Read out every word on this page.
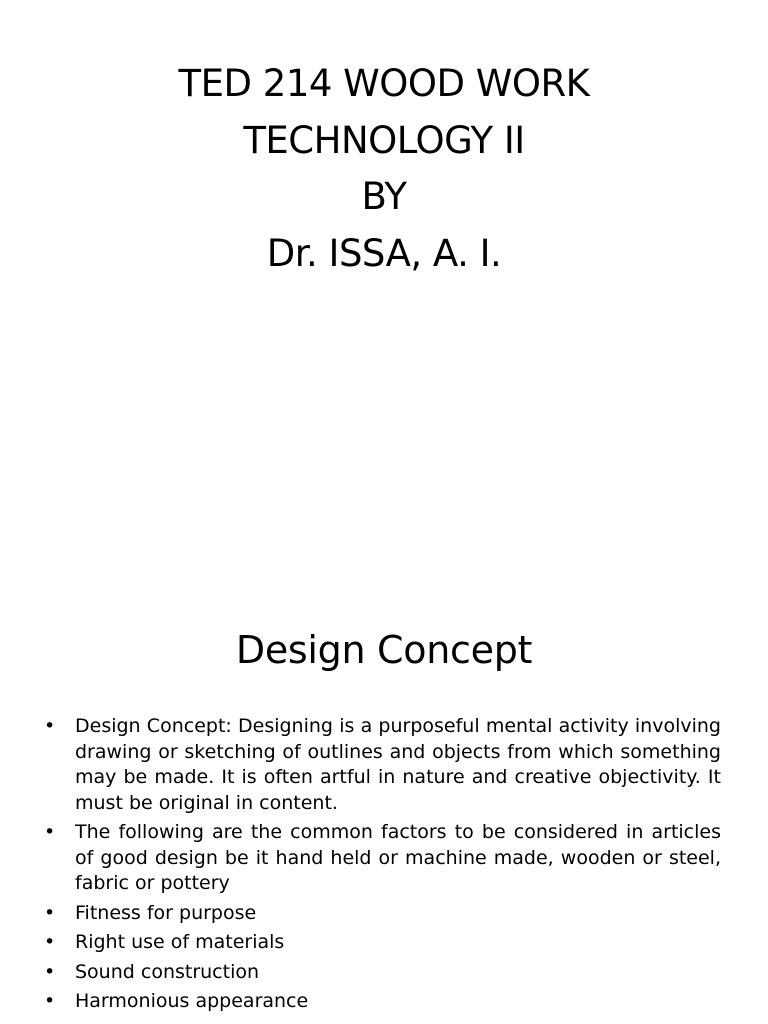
TED 214 WOOD WORK
TECHNOLOGY II
BY
Dr. ISSA, A. I.
Design Concept
• Design Concept: Designing is a purposeful mental activity involving drawing or sketching of outlines and objects from which something may be made. It is often artful in nature and creative objectivity. It must be original in content.
• The following are the common factors to be considered in articles of good design be it hand held or machine made, wooden or steel, fabric or pottery
• Fitness for purpose
• Right use of materials
• Sound construction
• Harmonious appearance
